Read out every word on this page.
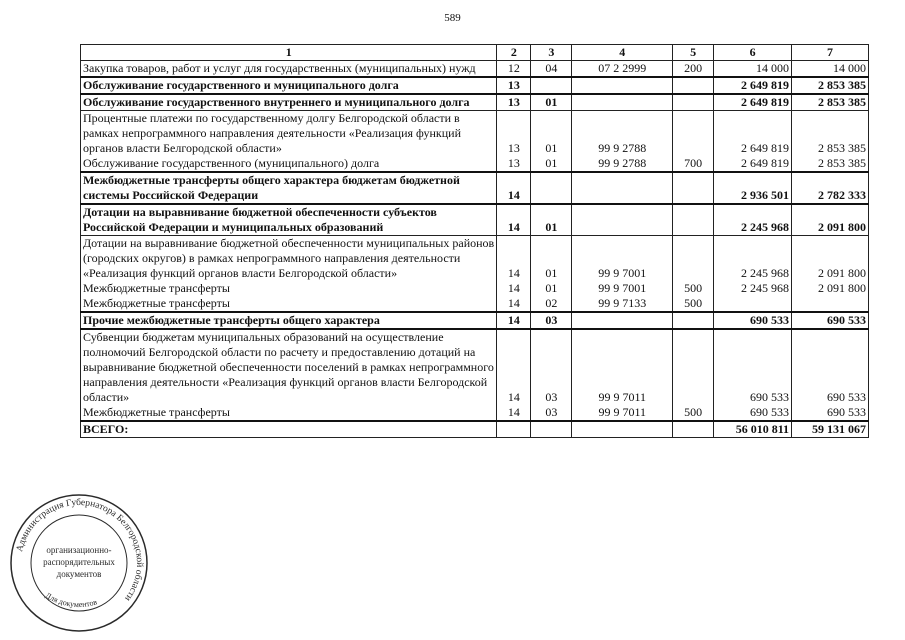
589
1	2	3	4	5	6	7
Закупка товаров, работ и услуг для государственных (муниципальных) нужд	12	04	07 2 2999	200	14 000	14 000
Обслуживание государственного и муниципального долга	13				2 649 819	2 853 385
Обслуживание государственного внутреннего и муниципального долга	13	01			2 649 819	2 853 385
Процентные платежи по государственному долгу Белгородской области в рамках непрограммного направления деятельности «Реализация функций органов власти Белгородской области»	13	01	99 9 2788		2 649 819	2 853 385
Обслуживание государственного (муниципального) долга	13	01	99 9 2788	700	2 649 819	2 853 385
Межбюджетные трансферты общего характера бюджетам бюджетной системы Российской Федерации	14				2 936 501	2 782 333
Дотации на выравнивание бюджетной обеспеченности субъектов Российской Федерации и муниципальных образований	14	01			2 245 968	2 091 800
Дотации на выравнивание бюджетной обеспеченности муниципальных районов (городских округов) в рамках непрограммного направления деятельности «Реализация функций органов власти Белгородской области»	14	01	99 9 7001		2 245 968	2 091 800
Межбюджетные трансферты	14	01	99 9 7001	500	2 245 968	2 091 800
Межбюджетные трансферты	14	02	99 9 7133	500		
Прочие межбюджетные трансферты общего характера	14	03			690 533	690 533
Субвенции бюджетам муниципальных образований на осуществление полномочий Белгородской области по расчету и предоставлению дотаций на выравнивание бюджетной обеспеченности поселений в рамках непрограммного направления деятельности «Реализация функций органов власти Белгородской области»	14	03	99 9 7011		690 533	690 533
Межбюджетные трансферты	14	03	99 9 7011	500	690 533	690 533
ВСЕГО:					56 010 811	59 131 067
Администрация Губернатора Белгородской области
организационно-
распорядительных
документов
Для документов
